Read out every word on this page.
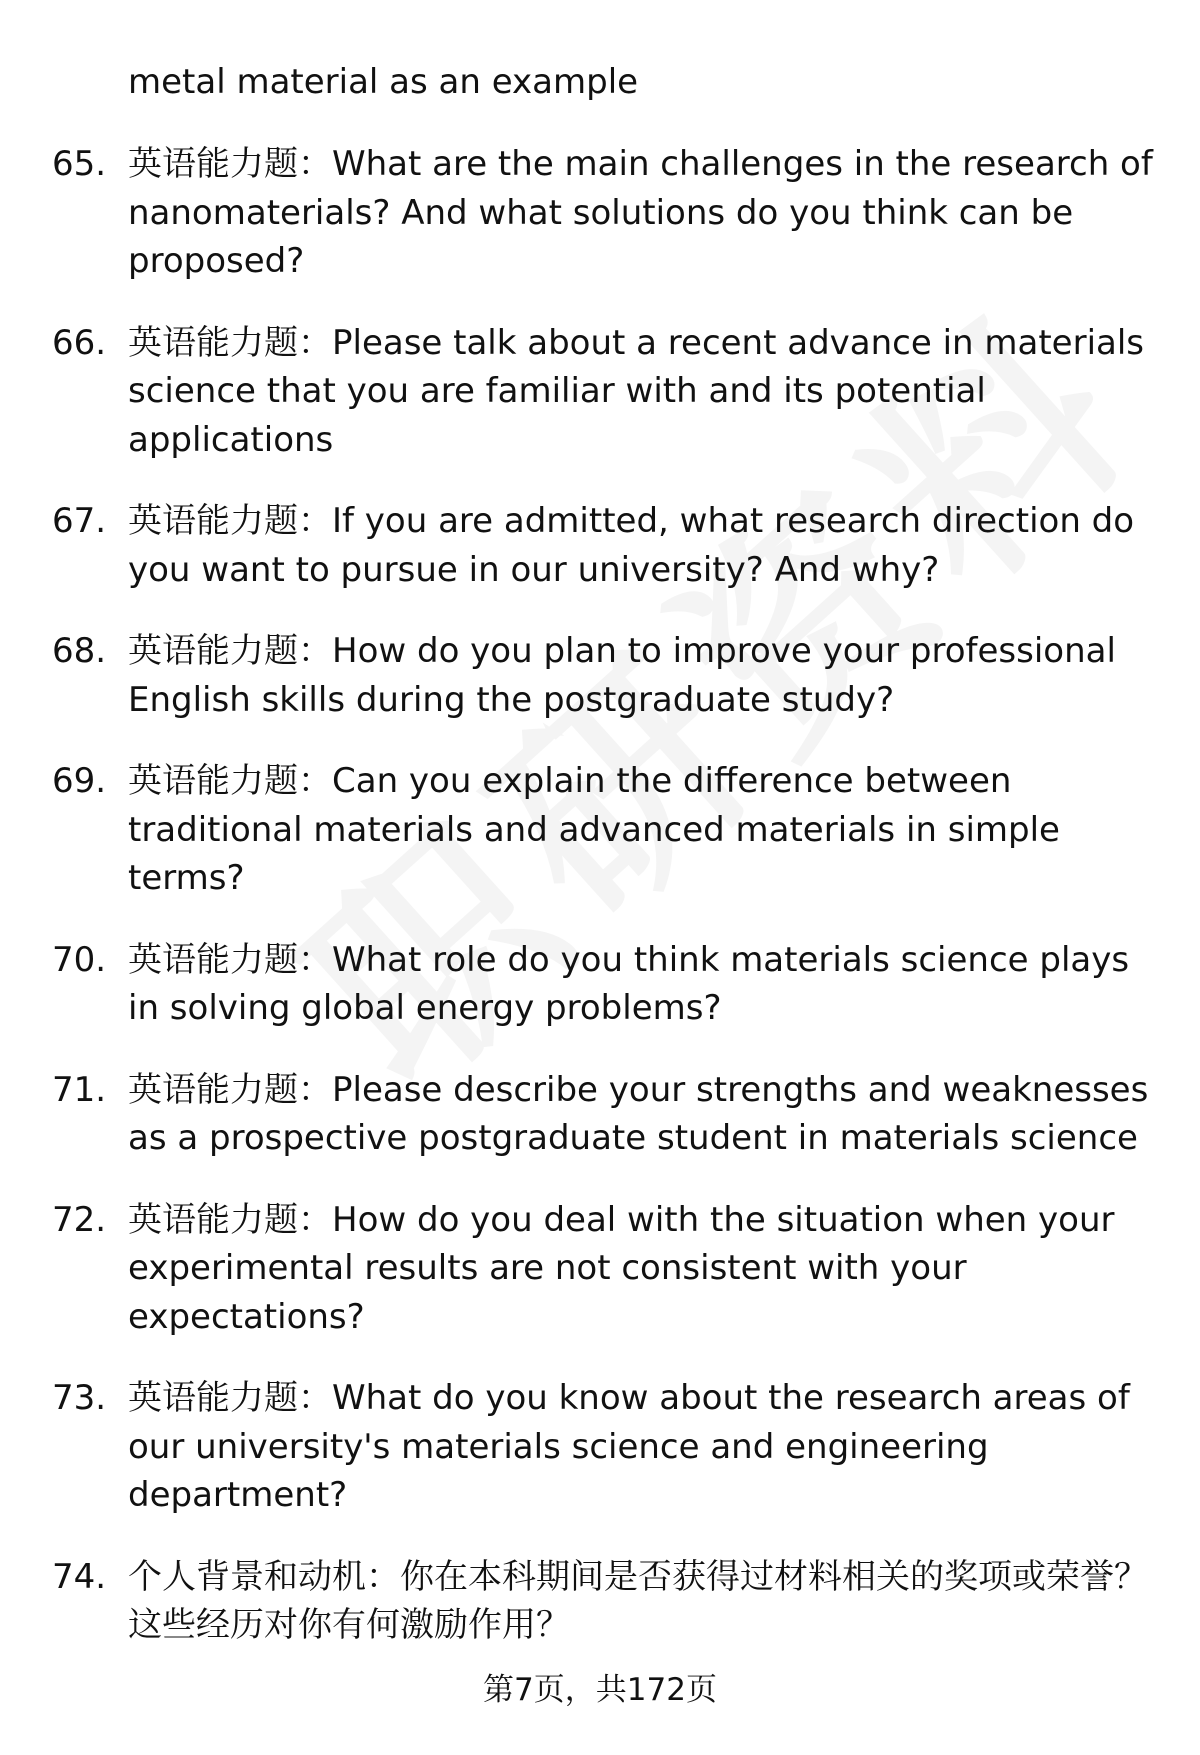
metal material as an example
65. 英语能力题：What are the main challenges in the research of nanomaterials? And what solutions do you think can be proposed?
66. 英语能力题：Please talk about a recent advance in materials science that you are familiar with and its potential applications
67. 英语能力题：If you are admitted, what research direction do you want to pursue in our university? And why?
68. 英语能力题：How do you plan to improve your professional English skills during the postgraduate study?
69. 英语能力题：Can you explain the difference between traditional materials and advanced materials in simple terms?
70. 英语能力题：What role do you think materials science plays in solving global energy problems?
71. 英语能力题：Please describe your strengths and weaknesses as a prospective postgraduate student in materials science
72. 英语能力题：How do you deal with the situation when your experimental results are not consistent with your expectations?
73. 英语能力题：What do you know about the research areas of our university's materials science and engineering department?
74. 个人背景和动机：你在本科期间是否获得过材料相关的奖项或荣誉？这些经历对你有何激励作用？
第7页，共172页
